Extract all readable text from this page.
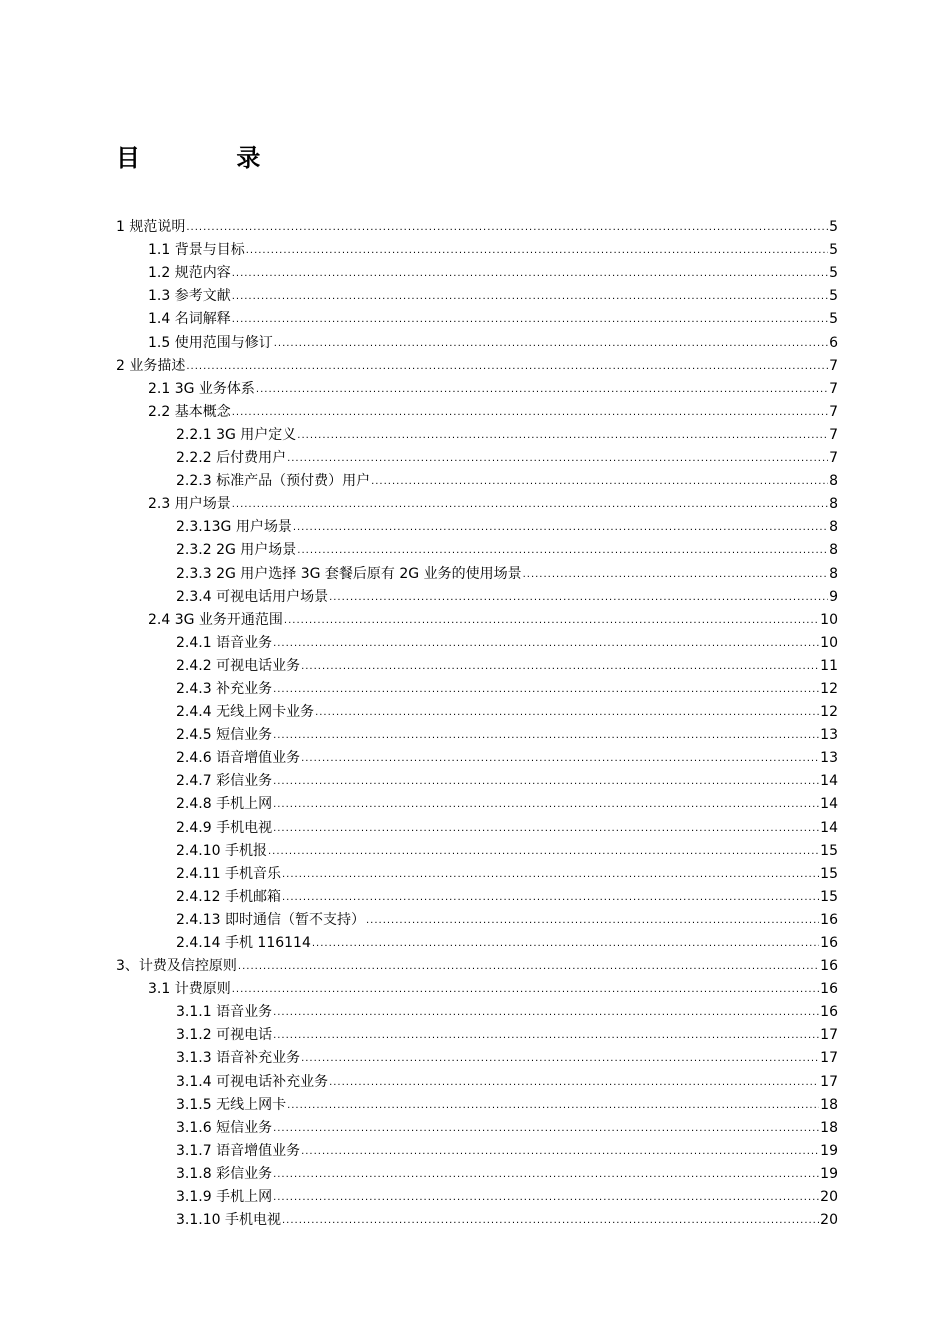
目 录
1 规范说明 .....	5
1.1 背景与目标 .....	5
1.2 规范内容 .....	5
1.3 参考文献 .....	5
1.4 名词解释 .....	5
1.5 使用范围与修订 .....	6
2 业务描述 .....	7
2.1 3G 业务体系 .....	7
2.2 基本概念 .....	7
2.2.1 3G 用户定义 .....	7
2.2.2 后付费用户 .....	7
2.2.3 标准产品（预付费）用户 .....	8
2.3 用户场景 .....	8
2.3.13G 用户场景 .....	8
2.3.2 2G 用户场景 .....	8
2.3.3 2G 用户选择 3G 套餐后原有 2G 业务的使用场景 .....	8
2.3.4 可视电话用户场景 .....	9
2.4 3G 业务开通范围 .....	10
2.4.1 语音业务 .....	10
2.4.2 可视电话业务 .....	11
2.4.3 补充业务 .....	12
2.4.4 无线上网卡业务 .....	12
2.4.5 短信业务 .....	13
2.4.6 语音增值业务 .....	13
2.4.7 彩信业务 .....	14
2.4.8 手机上网 .....	14
2.4.9 手机电视 .....	14
2.4.10 手机报 .....	15
2.4.11 手机音乐 .....	15
2.4.12 手机邮箱 .....	15
2.4.13 即时通信（暂不支持） .....	16
2.4.14 手机 116114 .....	16
3、计费及信控原则 .....	16
3.1 计费原则 .....	16
3.1.1 语音业务 .....	16
3.1.2 可视电话 .....	17
3.1.3 语音补充业务 .....	17
3.1.4 可视电话补充业务 .....	17
3.1.5 无线上网卡 .....	18
3.1.6 短信业务 .....	18
3.1.7 语音增值业务 .....	19
3.1.8 彩信业务 .....	19
3.1.9 手机上网 .....	20
3.1.10 手机电视 .....	20
